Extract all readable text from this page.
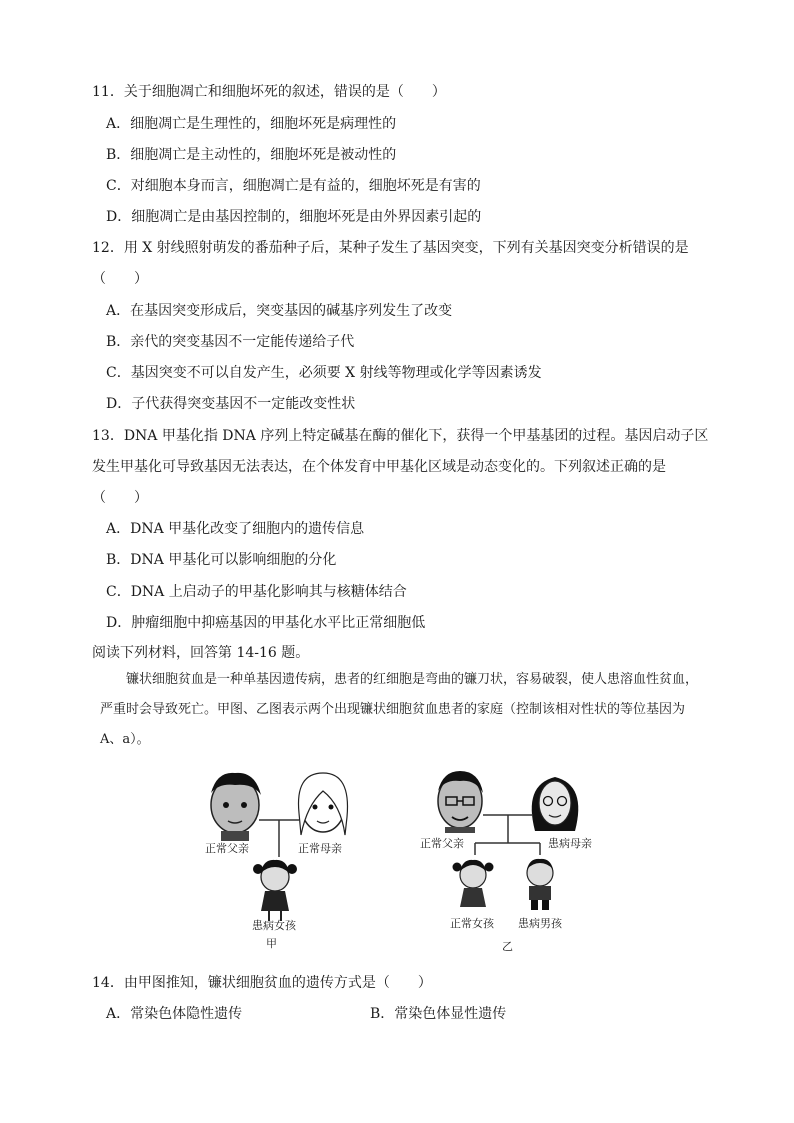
11．关于细胞凋亡和细胞坏死的叙述，错误的是（　　）
A．细胞凋亡是生理性的，细胞坏死是病理性的
B．细胞凋亡是主动性的，细胞坏死是被动性的
C．对细胞本身而言，细胞凋亡是有益的，细胞坏死是有害的
D．细胞凋亡是由基因控制的，细胞坏死是由外界因素引起的
12．用 X 射线照射萌发的番茄种子后，某种子发生了基因突变，下列有关基因突变分析错误的是
（　　）
A．在基因突变形成后，突变基因的碱基序列发生了改变
B．亲代的突变基因不一定能传递给子代
C．基因突变不可以自发产生，必须要 X 射线等物理或化学等因素诱发
D．子代获得突变基因不一定能改变性状
13．DNA 甲基化指 DNA 序列上特定碱基在酶的催化下，获得一个甲基基团的过程。基因启动子区
发生甲基化可导致基因无法表达，在个体发育中甲基化区域是动态变化的。下列叙述正确的是
（　　）
A．DNA 甲基化改变了细胞内的遗传信息
B．DNA 甲基化可以影响细胞的分化
C．DNA 上启动子的甲基化影响其与核糖体结合
D．肿瘤细胞中抑癌基因的甲基化水平比正常细胞低
阅读下列材料，回答第 14-16 题。
镰状细胞贫血是一种单基因遗传病，患者的红细胞是弯曲的镰刀状，容易破裂，使人患溶血性贫血，严重时会导致死亡。甲图、乙图表示两个出现镰状细胞贫血患者的家庭（控制该相对性状的等位基因为 A、a）。
正常父亲	正常母亲
患病女孩
甲
正常父亲	患病母亲
正常女孩 患病男孩
乙
14．由甲图推知，镰状细胞贫血的遗传方式是（　　）
A．常染色体隐性遗传	B．常染色体显性遗传
